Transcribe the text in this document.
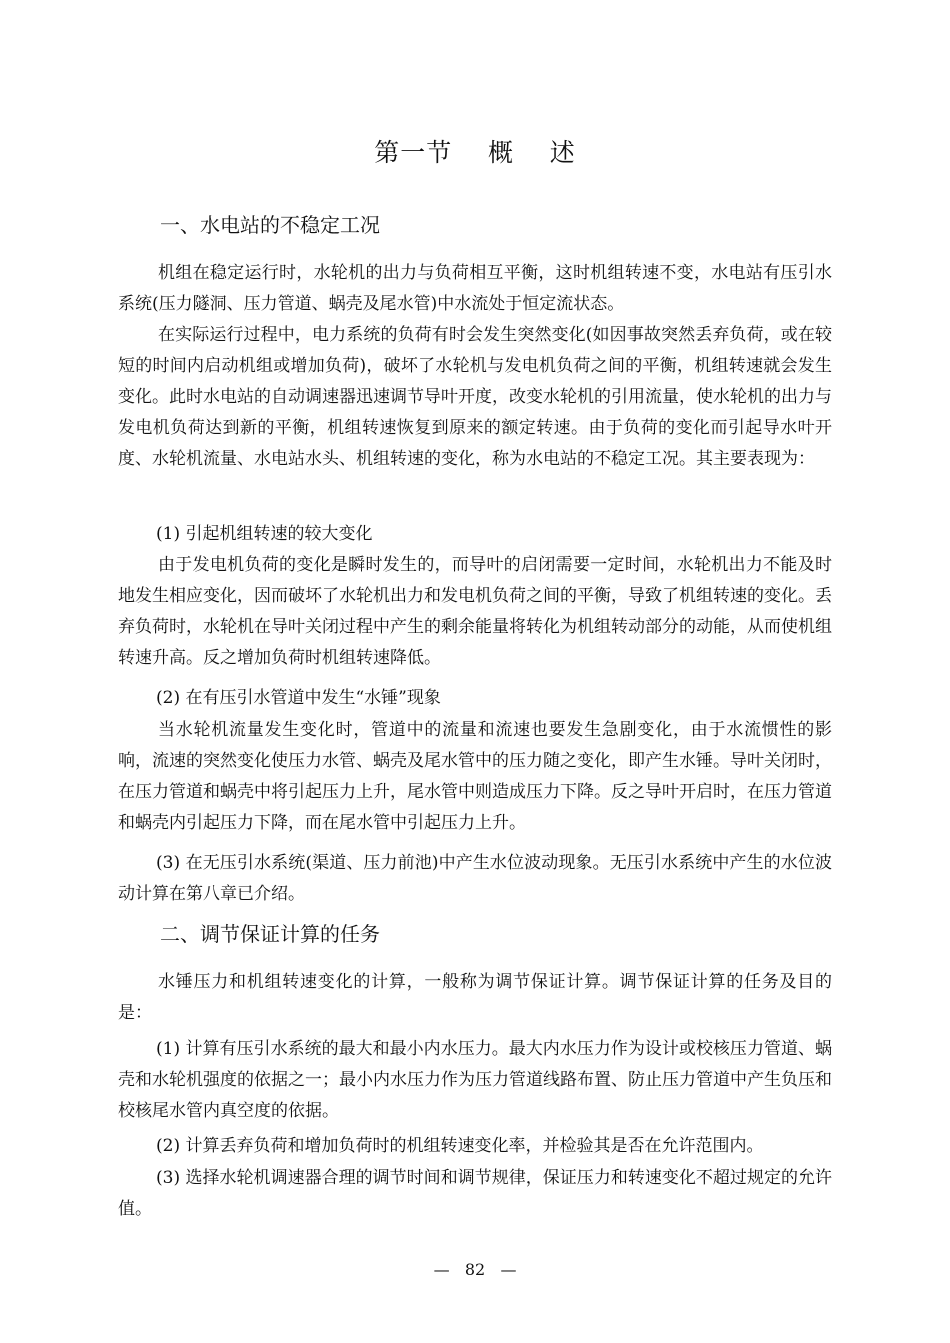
第一节    概    述
一、水电站的不稳定工况

机组在稳定运行时，水轮机的出力与负荷相互平衡，这时机组转速不变，水电站有压引水系统(压力隧洞、压力管道、蜗壳及尾水管)中水流处于恒定流状态。

在实际运行过程中，电力系统的负荷有时会发生突然变化(如因事故突然丢弃负荷，或在较短的时间内启动机组或增加负荷)，破坏了水轮机与发电机负荷之间的平衡，机组转速就会发生变化。此时水电站的自动调速器迅速调节导叶开度，改变水轮机的引用流量，使水轮机的出力与发电机负荷达到新的平衡，机组转速恢复到原来的额定转速。由于负荷的变化而引起导水叶开度、水轮机流量、水电站水头、机组转速的变化，称为水电站的不稳定工况。其主要表现为：

(1) 引起机组转速的较大变化

由于发电机负荷的变化是瞬时发生的，而导叶的启闭需要一定时间，水轮机出力不能及时地发生相应变化，因而破坏了水轮机出力和发电机负荷之间的平衡，导致了机组转速的变化。丢弃负荷时，水轮机在导叶关闭过程中产生的剩余能量将转化为机组转动部分的动能，从而使机组转速升高。反之增加负荷时机组转速降低。

(2) 在有压引水管道中发生“水锤”现象

当水轮机流量发生变化时，管道中的流量和流速也要发生急剧变化，由于水流惯性的影响，流速的突然变化使压力水管、蜗壳及尾水管中的压力随之变化，即产生水锤。导叶关闭时，在压力管道和蜗壳中将引起压力上升，尾水管中则造成压力下降。反之导叶开启时，在压力管道和蜗壳内引起压力下降，而在尾水管中引起压力上升。

(3) 在无压引水系统(渠道、压力前池)中产生水位波动现象。无压引水系统中产生的水位波动计算在第八章已介绍。

二、调节保证计算的任务

水锤压力和机组转速变化的计算，一般称为调节保证计算。调节保证计算的任务及目的是：

(1) 计算有压引水系统的最大和最小内水压力。最大内水压力作为设计或校核压力管道、蜗壳和水轮机强度的依据之一；最小内水压力作为压力管道线路布置、防止压力管道中产生负压和校核尾水管内真空度的依据。

(2) 计算丢弃负荷和增加负荷时的机组转速变化率，并检验其是否在允许范围内。

(3) 选择水轮机调速器合理的调节时间和调节规律，保证压力和转速变化不超过规定的允许值。

—   82   —
